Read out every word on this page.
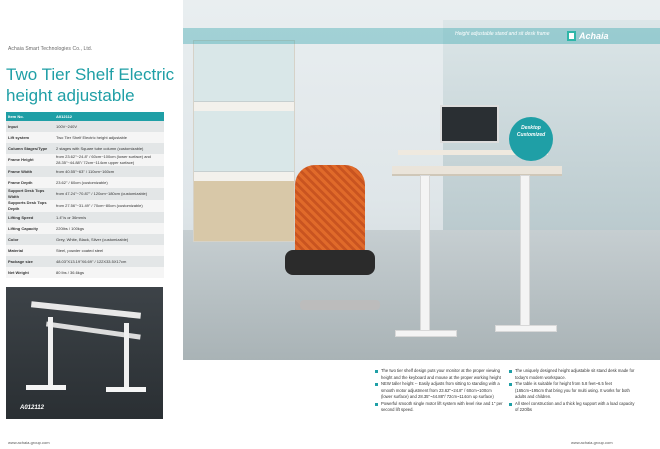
Achaia Smart Technologies Co., Ltd.
Two Tier Shelf Electric height adjustable
Item No.	A012112
Input	100V~240V
Lift system	Two Tier Shelf Electric height adjustable
Column Stages/Type	2 stages with Square tube column (customizable)
Frame Height	from 23.62"~24.8" / 60cm~100cm (lower surface) and 28.35"~44.88"/ 72cm~114cm upper surface)
Frame Width	from 40.55"~63" / 110cm~160cm
Frame Depth	23.62" / 60cm (customizable)
Support Desk Tops Width	from 47.24"~70.87" / 120cm~180cm (customizable)
Supports Desk Tops Depth	from 27.56"~31.49" / 70cm~80cm (customizable)
Lifting Speed	1.4"/s or 36mm/s
Lifting Capacity	220lbs / 100kgs
Color	Grey, White, Black, Silver (customizable)
Material	Steel, powder coated steel
Package size	48.03"X13.19"X6.69" / 122X33.5X17cm
Net Weight	80 lbs / 36.6kgs
A012112
Height adjustable stand and sit desk frame	Achaia
Desktop
Customized
The two tier shelf design puts your monitor at the proper viewing height and the keyboard and mouse at the proper working height
NEW taller height -- Easily adjusts from sitting to standing with a smooth motor adjustment from 23.62"~24.8" / 60cm~100cm (lower surface) and 28.35"~44.88"/ 72cm~114cm up surface)
Powerful smooth single motor lift system with level rise and 1" per second lift speed.
The uniquely designed height adjustable sit stand desk made for today's modern workspace.
The table is suitable for height from 5.8 feet~6.5 feet (165cm~195cm that bring you for multi using. It works for both adults and children.
All steel construction and a thick leg support with a load capacity of 220lbs
www.achaia-group.com	www.achaia-group.com
